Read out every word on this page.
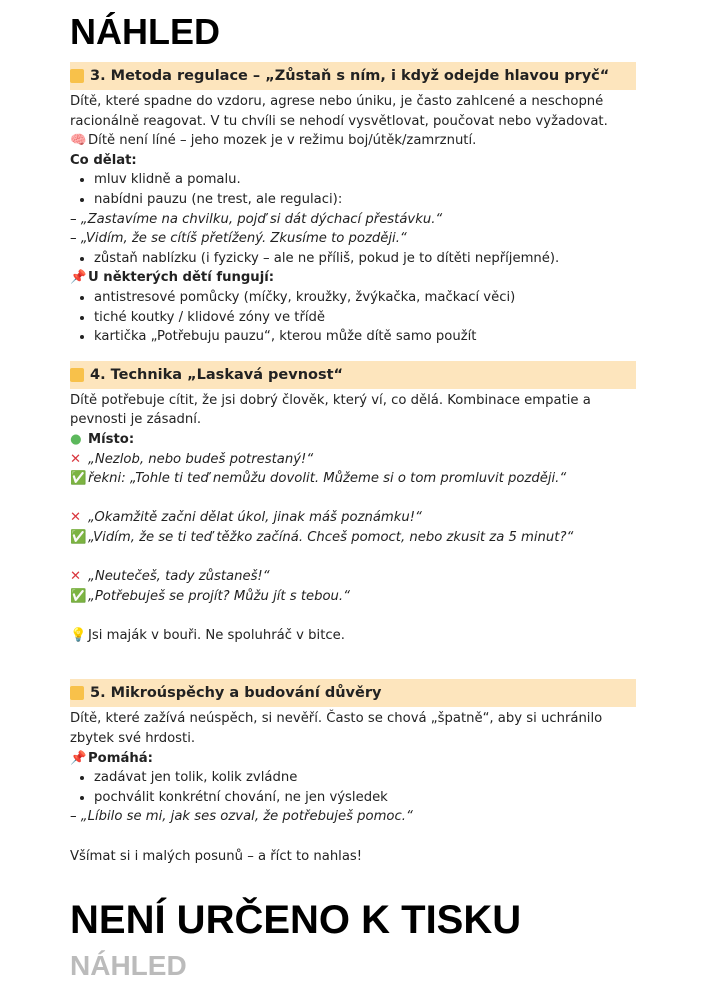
NÁHLED
3. Metoda regulace – „Zůstaň s ním, i když odejde hlavou pryč“

Dítě, které spadne do vzdoru, agrese nebo úniku, je často zahlcené a neschopné racionálně reagovat. V tu chvíli se nehodí vysvětlovat, poučovat nebo vyžadovat.

🧠 Dítě není líné – jeho mozek je v režimu boj/útěk/zamrznutí.

Co dělat:

• mluv klidně a pomalu.
• nabídni pauzu (ne trest, ale regulaci):

– „Zastavíme na chvilku, pojď si dát dýchací přestávku.“

– „Vidím, že se cítíš přetížený. Zkusíme to později.“

• zůstaň nablízku (i fyzicky – ale ne příliš, pokud je to dítěti nepříjemné).

📌 U některých dětí fungují:

• antistresové pomůcky (míčky, kroužky, žvýkačka, mačkací věci)
• tiché koutky / klidové zóny ve třídě
• kartička „Potřebuju pauzu“, kterou může dítě samo použít
4. Technika „Laskavá pevnost“

Dítě potřebuje cítit, že jsi dobrý člověk, který ví, co dělá. Kombinace empatie a pevnosti je zásadní.

● Místo:

✕ „Nezlob, nebo budeš potrestaný!“

✅ řekni: „Tohle ti teď nemůžu dovolit. Můžeme si o tom promluvit později.“

✕ „Okamžitě začni dělat úkol, jinak máš poznámku!“

✅ „Vidím, že se ti teď těžko začíná. Chceš pomoct, nebo zkusit za 5 minut?“

✕ „Neutečeš, tady zůstaneš!“

✅ „Potřebuješ se projít? Můžu jít s tebou.“

💡 Jsi maják v bouři. Ne spoluhráč v bitce.

5. Mikroúspěchy a budování důvěry

Dítě, které zažívá neúspěch, si nevěří. Často se chová „špatně“, aby si uchránilo zbytek své hrdosti.

📌 Pomáhá:

• zadávat jen tolik, kolik zvládne
• pochválit konkrétní chování, ne jen výsledek

– „Líbilo se mi, jak ses ozval, že potřebuješ pomoc.“

Všímat si i malých posunů – a říct to nahlas!

NENÍ URČENO K TISKU
NÁHLED
